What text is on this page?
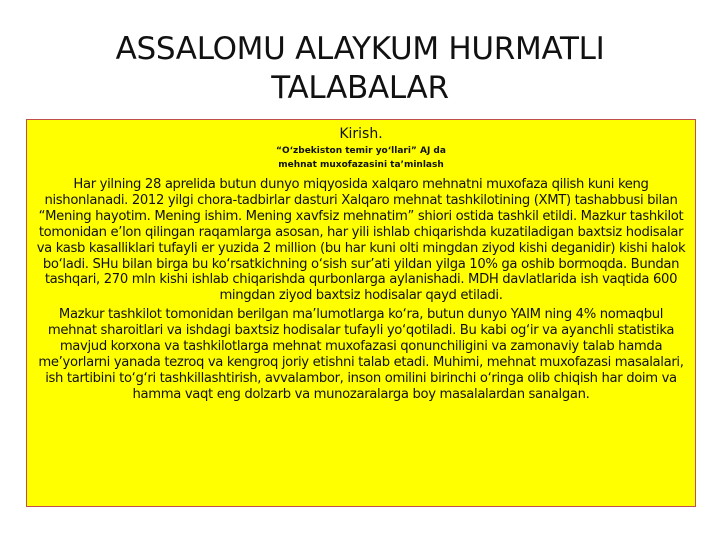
ASSALOMU ALAYKUM HURMATLI TALABALAR

Kirish.

“O‘zbekiston temir yo‘llari” AJ da
mehnat muxofazasini ta’minlash

Har yilning 28 aprelida butun dunyo miqyosida xalqaro mehnatni muxofaza qilish kuni keng nishonlanadi. 2012 yilgi chora-tadbirlar dasturi Xalqaro mehnat tashkilotining (XMT) tashabbusi bilan “Mening hayotim. Mening ishim. Mening xavfsiz mehnatim” shiori ostida tashkil etildi. Mazkur tashkilot tomonidan e’lon qilingan raqamlarga asosan, har yili ishlab chiqarishda kuzatiladigan baxtsiz hodisalar va kasb kasalliklari tufayli er yuzida 2 million (bu har kuni olti mingdan ziyod kishi deganidir) kishi halok bo‘ladi. SHu bilan birga bu ko‘rsatkichning o‘sish sur’ati yildan yilga 10% ga oshib bormoqda. Bundan tashqari, 270 mln kishi ishlab chiqarishda qurbonlarga aylanishadi. MDH davlatlarida ish vaqtida 600 mingdan ziyod baxtsiz hodisalar qayd etiladi.

Mazkur tashkilot tomonidan berilgan ma’lumotlarga ko‘ra, butun dunyo YAIM ning 4% nomaqbul mehnat sharoitlari va ishdagi baxtsiz hodisalar tufayli yo‘qotiladi. Bu kabi og‘ir va ayanchli statistika mavjud korxona va tashkilotlarga mehnat muxofazasi qonunchiligini va zamonaviy talab hamda me’yorlarni yanada tezroq va kengroq joriy etishni talab etadi. Muhimi, mehnat muxofazasi masalalari, ish tartibini to‘g‘ri tashkillashtirish, avvalambor, inson omilini birinchi o‘ringa olib chiqish har doim va hamma vaqt eng dolzarb va munozaralarga boy masalalardan sanalgan.
